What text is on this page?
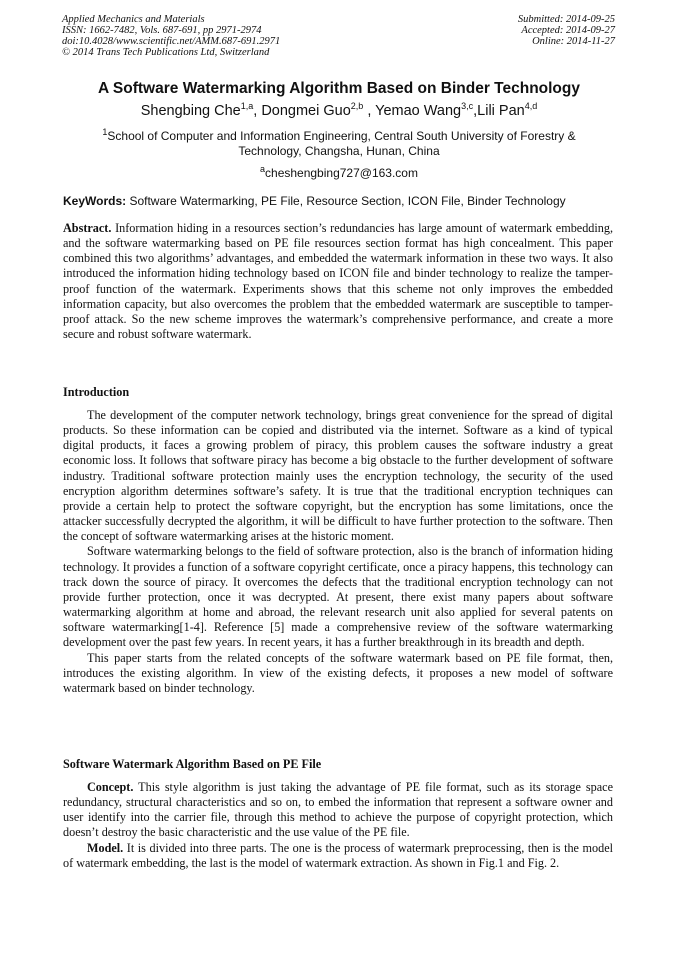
Applied Mechanics and Materials
ISSN: 1662-7482, Vols. 687-691, pp 2971-2974
doi:10.4028/www.scientific.net/AMM.687-691.2971
© 2014 Trans Tech Publications Ltd, Switzerland
Submitted: 2014-09-25
Accepted: 2014-09-27
Online: 2014-11-27
A Software Watermarking Algorithm Based on Binder Technology
Shengbing Che$^{1,a}$, Dongmei Guo$^{2,b}$ , Yemao Wang$^{3,c}$,Lili Pan$^{4,d}$
$^1$School of Computer and Information Engineering, Central South University of Forestry & Technology, Changsha, Hunan, China
$^a$cheshengbing727@163.com
KeyWords: Software Watermarking, PE File, Resource Section, ICON File, Binder Technology
Abstract. Information hiding in a resources section’s redundancies has large amount of watermark embedding, and the software watermarking based on PE file resources section format has high concealment. This paper combined this two algorithms’ advantages, and embedded the watermark information in these two ways. It also introduced the information hiding technology based on ICON file and binder technology to realize the tamper-proof function of the watermark. Experiments shows that this scheme not only improves the embedded information capacity, but also overcomes the problem that the embedded watermark are susceptible to tamper-proof attack. So the new scheme improves the watermark’s comprehensive performance, and create a more secure and robust software watermark.
Introduction
The development of the computer network technology, brings great convenience for the spread of digital products. So these information can be copied and distributed via the internet. Software as a kind of typical digital products, it faces a growing problem of piracy, this problem causes the software industry a great economic loss. It follows that software piracy has become a big obstacle to the further development of software industry. Traditional software protection mainly uses the encryption technology, the security of the used encryption algorithm determines software’s safety. It is true that the traditional encryption techniques can provide a certain help to protect the software copyright, but the encryption has some limitations, once the attacker successfully decrypted the algorithm, it will be difficult to have further protection to the software. Then the concept of software watermarking arises at the historic moment.
Software watermarking belongs to the field of software protection, also is the branch of information hiding technology. It provides a function of a software copyright certificate, once a piracy happens, this technology can track down the source of piracy. It overcomes the defects that the traditional encryption technology can not provide further protection, once it was decrypted. At present, there exist many papers about software watermarking algorithm at home and abroad, the relevant research unit also applied for several patents on software watermarking[1-4]. Reference [5] made a comprehensive review of the software watermarking development over the past few years. In recent years, it has a further breakthrough in its breadth and depth.
This paper starts from the related concepts of the software watermark based on PE file format, then, introduces the existing algorithm. In view of the existing defects, it proposes a new model of software watermark based on binder technology.
Software Watermark Algorithm Based on PE File
Concept. This style algorithm is just taking the advantage of PE file format, such as its storage space redundancy, structural characteristics and so on, to embed the information that represent a software owner and user identify into the carrier file, through this method to achieve the purpose of copyright protection, which doesn’t destroy the basic characteristic and the use value of the PE file.
Model. It is divided into three parts. The one is the process of watermark preprocessing, then is the model of watermark embedding, the last is the model of watermark extraction. As shown in Fig.1 and Fig. 2.
